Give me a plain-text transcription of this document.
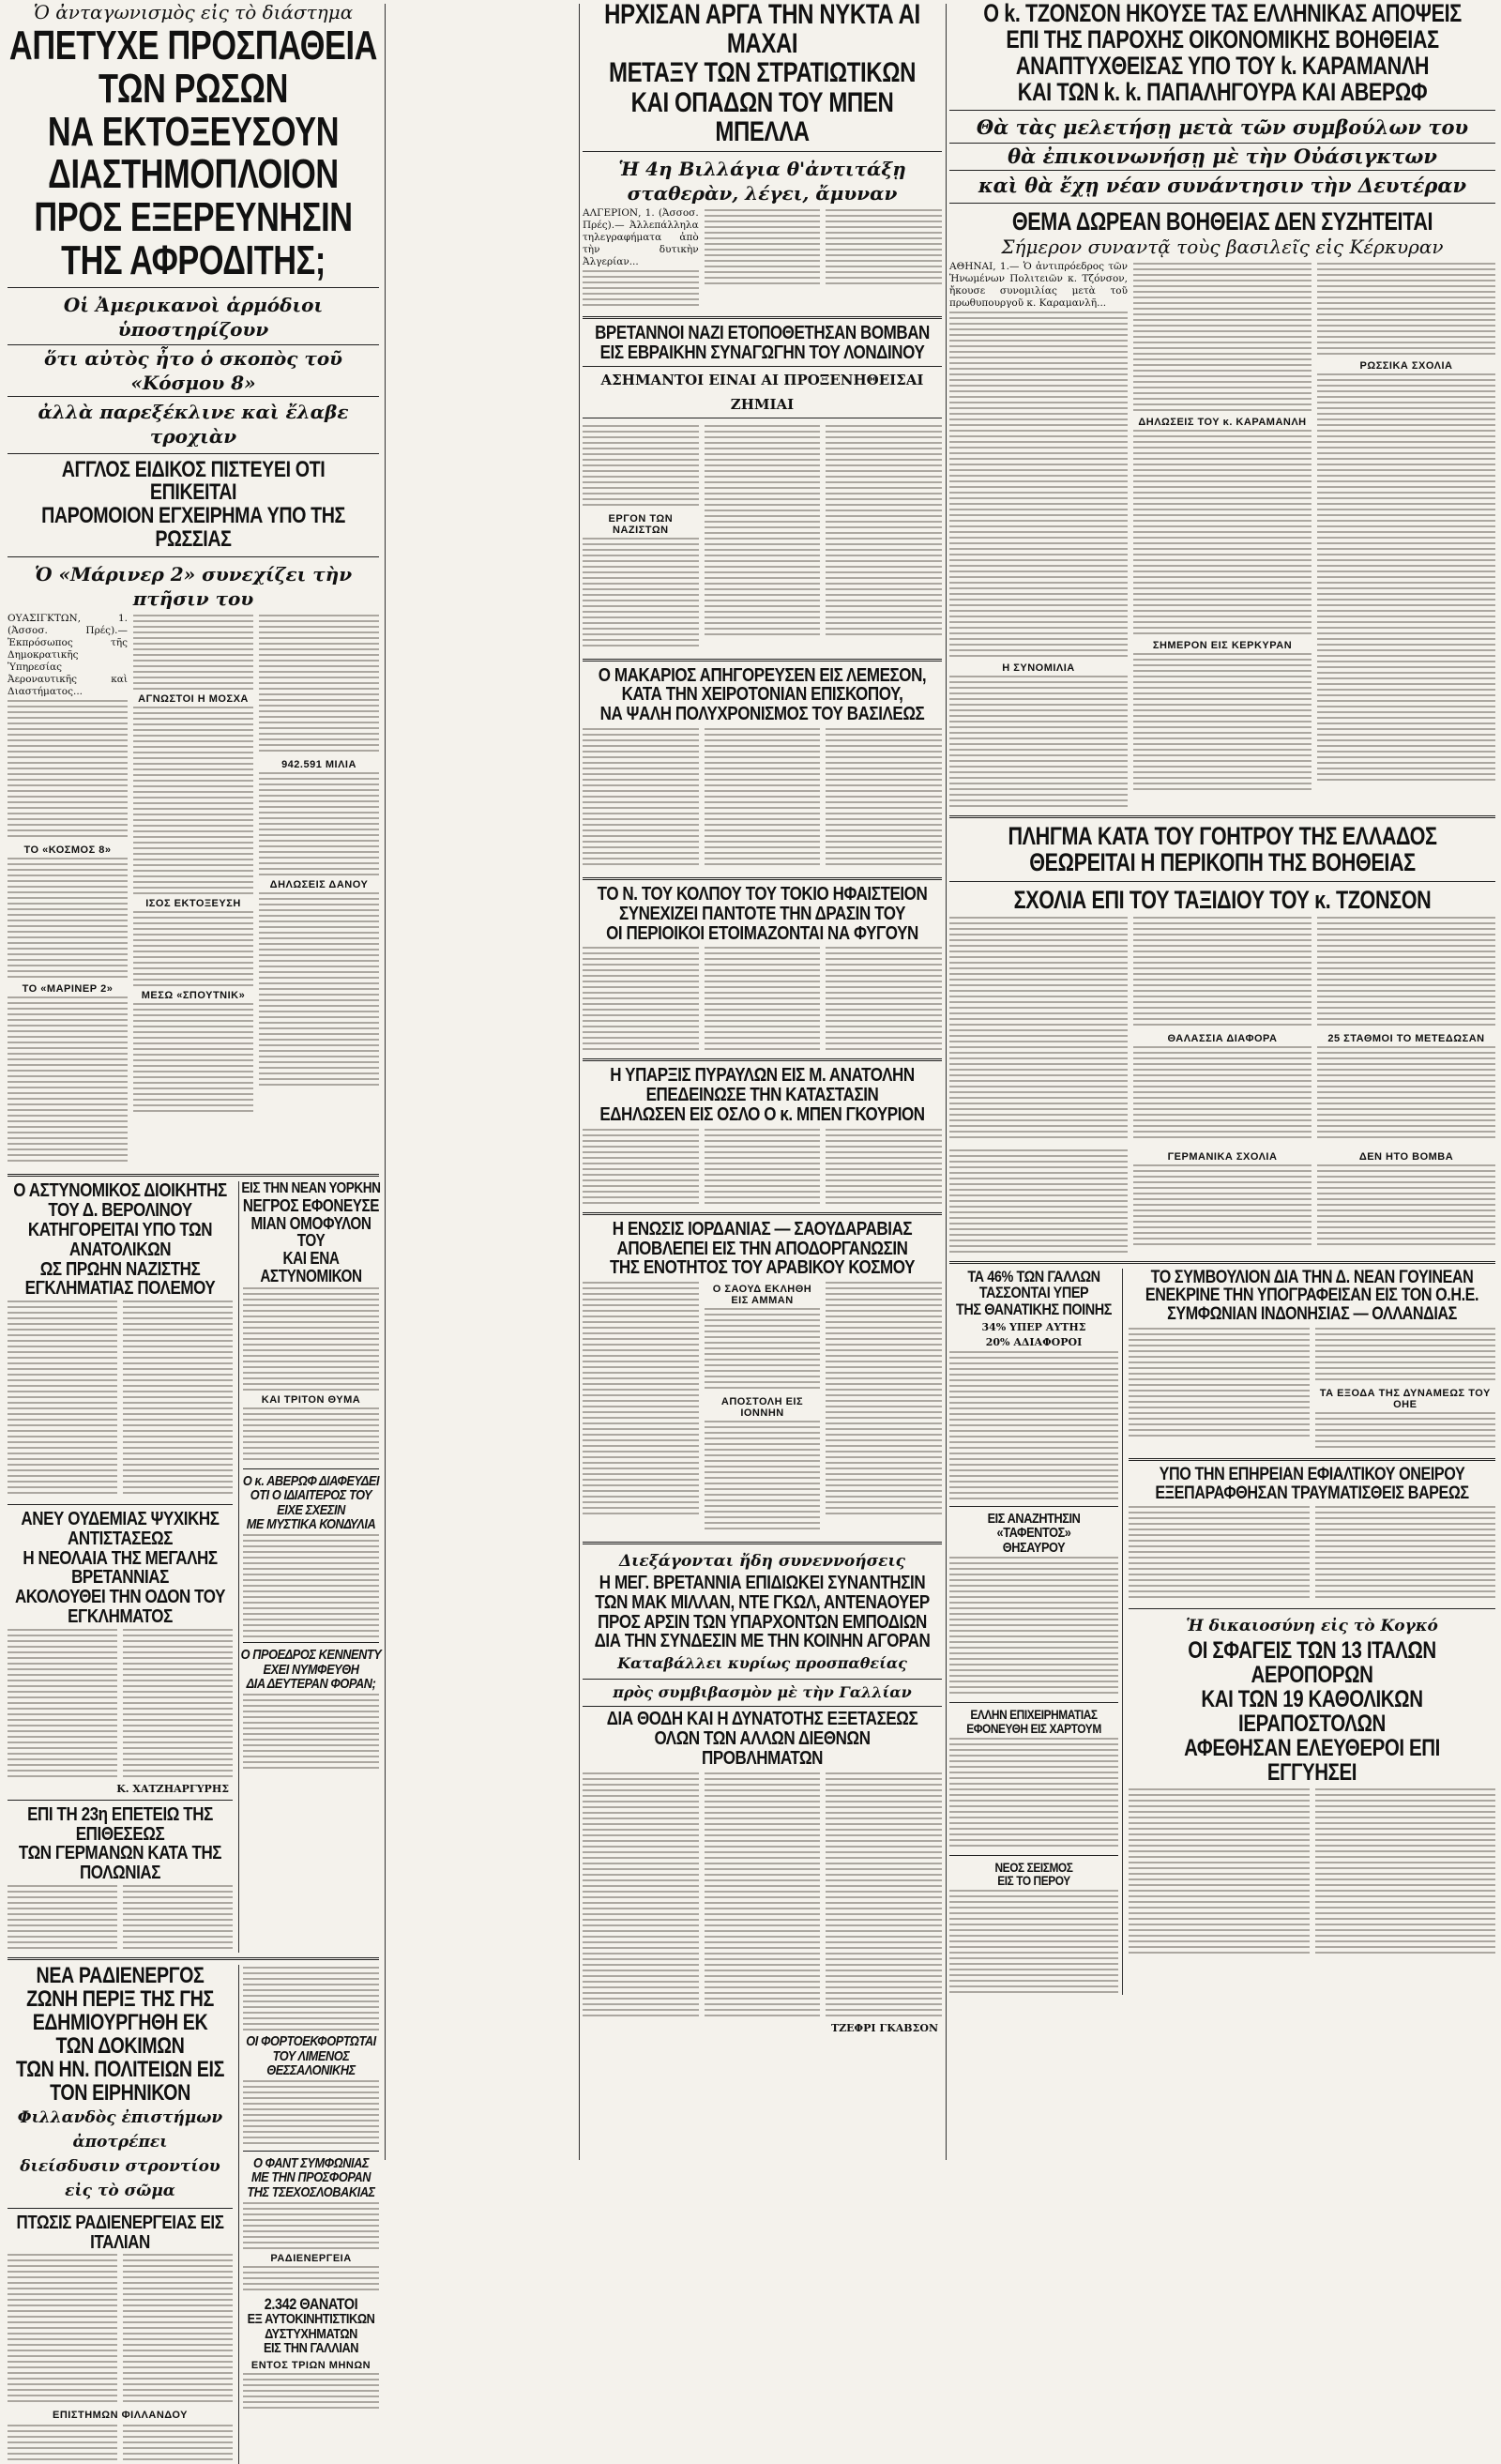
Ὁ ἀνταγωνισμὸς εἰς τὸ διάστημα
ΑΠΕΤΥΧΕ ΠΡΟΣΠΑΘΕΙΑ ΤΩΝ ΡΩΣΩΝ
ΝΑ ΕΚΤΟΞΕΥΣΟΥΝ ΔΙΑΣΤΗΜΟΠΛΟΙΟΝ
ΠΡΟΣ ΕΞΕΡΕΥΝΗΣΙΝ ΤΗΣ ΑΦΡΟΔΙΤΗΣ;
Οἱ Ἀμερικανοὶ ἁρμόδιοι ὑποστηρίζουν
ὅτι αὐτὸς ἦτο ὁ σκοπὸς τοῦ «Κόσμου 8»
ἀλλὰ παρεξέκλινε καὶ ἔλαβε τροχιὰν
ΑΓΓΛΟΣ ΕΙΔΙΚΟΣ ΠΙΣΤΕΥΕΙ ΟΤΙ ΕΠΙΚΕΙΤΑΙ
ΠΑΡΟΜΟΙΟΝ ΕΓΧΕΙΡΗΜΑ ΥΠΟ ΤΗΣ ΡΩΣΣΙΑΣ
Ὁ «Μάρινερ 2» συνεχίζει τὴν πτῆσιν του
ΟΥΑΣΙΓΚΤΩΝ, 1. (Ἀσσοσ. Πρές).— Ἐκπρόσωπος τῆς Δημοκρατικῆς Ὑπηρεσίας Ἀεροναυτικῆς καὶ Διαστήματος...
ΤΟ «ΚΟΣΜΟΣ 8»
ΤΟ «ΜΑΡΙΝΕΡ 2»
ΑΓΝΩΣΤΟΙ Η ΜΟΣΧΑ
ΙΣΟΣ ΕΚΤΟΞΕΥΣΗ
ΜΕΣΩ «ΣΠΟΥΤΝΙΚ»
942.591 ΜΙΛΙΑ
ΔΗΛΩΣΕΙΣ ΔΑΝΟΥ
Ο ΑΣΤΥΝΟΜΙΚΟΣ ΔΙΟΙΚΗΤΗΣ ΤΟΥ Δ. ΒΕΡΟΛΙΝΟΥ
ΚΑΤΗΓΟΡΕΙΤΑΙ ΥΠΟ ΤΩΝ ΑΝΑΤΟΛΙΚΩΝ
ΩΣ ΠΡΩΗΝ ΝΑΖΙΣΤΗΣ ΕΓΚΛΗΜΑΤΙΑΣ ΠΟΛΕΜΟΥ
ΑΝΕΥ ΟΥΔΕΜΙΑΣ ΨΥΧΙΚΗΣ ΑΝΤΙΣΤΑΣΕΩΣ
Η ΝΕΟΛΑΙΑ ΤΗΣ ΜΕΓΑΛΗΣ ΒΡΕΤΑΝΝΙΑΣ
ΑΚΟΛΟΥΘΕΙ ΤΗΝ ΟΔΟΝ ΤΟΥ ΕΓΚΛΗΜΑΤΟΣ
Κ. ΧΑΤΖΗΑΡΓΥΡΗΣ
ΕΠΙ ΤΗ 23η ΕΠΕΤΕΙΩ ΤΗΣ ΕΠΙΘΕΣΕΩΣ
ΤΩΝ ΓΕΡΜΑΝΩΝ ΚΑΤΑ ΤΗΣ ΠΟΛΩΝΙΑΣ
ΕΙΣ ΤΗΝ ΝΕΑΝ ΥΟΡΚΗΝ
ΝΕΓΡΟΣ ΕΦΟΝΕΥΣΕ
ΜΙΑΝ ΟΜΟΦΥΛΟΝ ΤΟΥ
ΚΑΙ ΕΝΑ ΑΣΤΥΝΟΜΙΚΟΝ
ΚΑΙ ΤΡΙΤΟΝ ΘΥΜΑ
Ο κ. ΑΒΕΡΩΦ ΔΙΑΦΕΥΔΕΙ
ΟΤΙ Ο ΙΔΙΑΙΤΕΡΟΣ ΤΟΥ
ΕΙΧΕ ΣΧΕΣΙΝ
ΜΕ ΜΥΣΤΙΚΑ ΚΟΝΔΥΛΙΑ
Ο ΠΡΟΕΔΡΟΣ ΚΕΝΝΕΝΤΥ
ΕΧΕΙ ΝΥΜΦΕΥΘΗ
ΔΙΑ ΔΕΥΤΕΡΑΝ ΦΟΡΑΝ;
ΝΕΑ ΡΑΔΙΕΝΕΡΓΟΣ ΖΩΝΗ ΠΕΡΙΞ ΤΗΣ ΓΗΣ
ΕΔΗΜΙΟΥΡΓΗΘΗ ΕΚ ΤΩΝ ΔΟΚΙΜΩΝ
ΤΩΝ ΗΝ. ΠΟΛΙΤΕΙΩΝ ΕΙΣ ΤΟΝ ΕΙΡΗΝΙΚΟΝ
Φιλλανδὸς ἐπιστήμων ἀποτρέπει
διείσδυσιν στροντίου εἰς τὸ σῶμα
ΠΤΩΣΙΣ ΡΑΔΙΕΝΕΡΓΕΙΑΣ ΕΙΣ ΙΤΑΛΙΑΝ
ΕΠΙΣΤΗΜΩΝ ΦΙΛΛΑΝΔΟΥ
ΟΙ ΦΟΡΤΟΕΚΦΟΡΤΩΤΑΙ
ΤΟΥ ΛΙΜΕΝΟΣ
ΘΕΣΣΑΛΟΝΙΚΗΣ
Ο ΦΑΝΤ ΣΥΜΦΩΝΙΑΣ
ΜΕ ΤΗΝ ΠΡΟΣΦΟΡΑΝ
ΤΗΣ ΤΣΕΧΟΣΛΟΒΑΚΙΑΣ
ΡΑΔΙΕΝΕΡΓΕΙΑ
2.342 ΘΑΝΑΤΟΙ
ΕΞ ΑΥΤΟΚΙΝΗΤΙΣΤΙΚΩΝ
ΔΥΣΤΥΧΗΜΑΤΩΝ
ΕΙΣ ΤΗΝ ΓΑΛΛΙΑΝ
ΕΝΤΟΣ ΤΡΙΩΝ ΜΗΝΩΝ
ΗΡΧΙΣΑΝ ΑΡΓΑ ΤΗΝ ΝΥΚΤΑ ΑΙ ΜΑΧΑΙ
ΜΕΤΑΞΥ ΤΩΝ ΣΤΡΑΤΙΩΤΙΚΩΝ
ΚΑΙ ΟΠΑΔΩΝ ΤΟΥ ΜΠΕΝ ΜΠΕΛΛΑ
Ἡ 4η Βιλλάγια θ'ἀντιτάξῃ
σταθερὰν, λέγει, ἄμυναν
ΑΛΓΕΡΙΟΝ, 1. (Ἀσσοσ. Πρές).— Ἀλλεπάλληλα τηλεγραφήματα ἀπὸ τὴν δυτικὴν Ἀλγερίαν...
ΒΡΕΤΑΝΝΟΙ ΝΑΖΙ ΕΤΟΠΟΘΕΤΗΣΑΝ ΒΟΜΒΑΝ
ΕΙΣ ΕΒΡΑΙΚΗΝ ΣΥΝΑΓΩΓΗΝ ΤΟΥ ΛΟΝΔΙΝΟΥ
ΑΣΗΜΑΝΤΟΙ ΕΙΝΑΙ ΑΙ ΠΡΟΞΕΝΗΘΕΙΣΑΙ ΖΗΜΙΑΙ
ΕΡΓΟΝ ΤΩΝ ΝΑΖΙΣΤΩΝ
Ο ΜΑΚΑΡΙΟΣ ΑΠΗΓΟΡΕΥΣΕΝ ΕΙΣ ΛΕΜΕΣΟΝ,
ΚΑΤΑ ΤΗΝ ΧΕΙΡΟΤΟΝΙΑΝ ΕΠΙΣΚΟΠΟΥ,
ΝΑ ΨΑΛΗ ΠΟΛΥΧΡΟΝΙΣΜΟΣ ΤΟΥ ΒΑΣΙΛΕΩΣ
ΤΟ Ν. ΤΟΥ ΚΟΛΠΟΥ ΤΟΥ ΤΟΚΙΟ ΗΦΑΙΣΤΕΙΟΝ
ΣΥΝΕΧΙΖΕΙ ΠΑΝΤΟΤΕ ΤΗΝ ΔΡΑΣΙΝ ΤΟΥ
ΟΙ ΠΕΡΙΟΙΚΟΙ ΕΤΟΙΜΑΖΟΝΤΑΙ ΝΑ ΦΥΓΟΥΝ
Η ΥΠΑΡΞΙΣ ΠΥΡΑΥΛΩΝ ΕΙΣ Μ. ΑΝΑΤΟΛΗΝ
ΕΠΕΔΕΙΝΩΣΕ ΤΗΝ ΚΑΤΑΣΤΑΣΙΝ
ΕΔΗΛΩΣΕΝ ΕΙΣ ΟΣΛΟ Ο κ. ΜΠΕΝ ΓΚΟΥΡΙΟΝ
Η ΕΝΩΣΙΣ ΙΟΡΔΑΝΙΑΣ — ΣΑΟΥΔΑΡΑΒΙΑΣ
ΑΠΟΒΛΕΠΕΙ ΕΙΣ ΤΗΝ ΑΠΟΔΟΡΓΑΝΩΣΙΝ
ΤΗΣ ΕΝΟΤΗΤΟΣ ΤΟΥ ΑΡΑΒΙΚΟΥ ΚΟΣΜΟΥ
Ο ΣΑΟΥΔ ΕΚΛΗΘΗ ΕΙΣ ΑΜΜΑΝ
ΑΠΟΣΤΟΛΗ ΕΙΣ ΙΟΝΝΗΝ
Διεξάγονται ἤδη συνεννοήσεις
Η ΜΕΓ. ΒΡΕΤΑΝΝΙΑ ΕΠΙΔΙΩΚΕΙ ΣΥΝΑΝΤΗΣΙΝ
ΤΩΝ ΜΑΚ ΜΙΛΛΑΝ, ΝΤΕ ΓΚΩΛ, ΑΝΤΕΝΑΟΥΕΡ
ΠΡΟΣ ΑΡΣΙΝ ΤΩΝ ΥΠΑΡΧΟΝΤΩΝ ΕΜΠΟΔΙΩΝ
ΔΙΑ ΤΗΝ ΣΥΝΔΕΣΙΝ ΜΕ ΤΗΝ ΚΟΙΝΗΝ ΑΓΟΡΑΝ
Καταβάλλει κυρίως προσπαθείας
πρὸς συμβιβασμὸν μὲ τὴν Γαλλίαν
ΔΙΑ ΘΟΔΗ ΚΑΙ Η ΔΥΝΑΤΟΤΗΣ ΕΞΕΤΑΣΕΩΣ
ΟΛΩΝ ΤΩΝ ΑΛΛΩΝ ΔΙΕΘΝΩΝ ΠΡΟΒΛΗΜΑΤΩΝ
ΤΖΕΦΡΙ ΓΚΑΒΣΟΝ
Ο k. ΤΖΟΝΣΟΝ ΗΚΟΥΣΕ ΤΑΣ ΕΛΛΗΝΙΚΑΣ ΑΠΟΨΕΙΣ
ΕΠΙ ΤΗΣ ΠΑΡΟΧΗΣ ΟΙΚΟΝΟΜΙΚΗΣ ΒΟΗΘΕΙΑΣ
ΑΝΑΠΤΥΧΘΕΙΣΑΣ ΥΠΟ ΤΟΥ k. ΚΑΡΑΜΑΝΛΗ
ΚΑΙ ΤΩΝ k. k. ΠΑΠΑΛΗΓΟΥΡΑ ΚΑΙ ΑΒΕΡΩΦ
Θὰ τὰς μελετήσῃ μετὰ τῶν συμβούλων του
θὰ ἐπικοινωνήσῃ μὲ τὴν Οὐάσιγκτων
καὶ θὰ ἔχῃ νέαν συνάντησιν τὴν Δευτέραν
ΘΕΜΑ ΔΩΡΕΑΝ ΒΟΗΘΕΙΑΣ ΔΕΝ ΣΥΖΗΤΕΙΤΑΙ
Σήμερον συναντᾷ τοὺς βασιλεῖς εἰς Κέρκυραν
ΑΘΗΝΑΙ, 1.— Ὁ ἀντιπρόεδρος τῶν Ἡνωμένων Πολιτειῶν κ. Τζόνσον, ἤκουσε συνομιλίας μετὰ τοῦ πρωθυπουργοῦ κ. Καραμανλῆ...
Η ΣΥΝΟΜΙΛΙΑ
ΔΗΛΩΣΕΙΣ ΤΟΥ κ. ΚΑΡΑΜΑΝΛΗ
ΣΗΜΕΡΟΝ ΕΙΣ ΚΕΡΚΥΡΑΝ
ΡΩΣΣΙΚΑ ΣΧΟΛΙΑ
ΠΛΗΓΜΑ ΚΑΤΑ ΤΟΥ ΓΟΗΤΡΟΥ ΤΗΣ ΕΛΛΑΔΟΣ
ΘΕΩΡΕΙΤΑΙ Η ΠΕΡΙΚΟΠΗ ΤΗΣ ΒΟΗΘΕΙΑΣ
ΣΧΟΛΙΑ ΕΠΙ ΤΟΥ ΤΑΞΙΔΙΟΥ ΤΟΥ κ. ΤΖΟΝΣΟΝ
ΘΑΛΑΣΣΙΑ ΔΙΑΦΟΡΑ	25 ΣΤΑΘΜΟΙ ΤΟ ΜΕΤΕΔΩΣΑΝ
ΓΕΡΜΑΝΙΚΑ ΣΧΟΛΙΑ	ΔΕΝ ΗΤΟ ΒΟΜΒΑ
ΤΑ 46% ΤΩΝ ΓΑΛΛΩΝ
ΤΑΣΣΟΝΤΑΙ ΥΠΕΡ
ΤΗΣ ΘΑΝΑΤΙΚΗΣ ΠΟΙΝΗΣ
34% ΥΠΕΡ ΑΥΤΗΣ
20% ΑΔΙΑΦΟΡΟΙ
ΕΙΣ ΑΝΑΖΗΤΗΣΙΝ
«ΤΑΦΕΝΤΟΣ»
ΘΗΣΑΥΡΟΥ
ΕΛΛΗΝ ΕΠΙΧΕΙΡΗΜΑΤΙΑΣ
ΕΦΟΝΕΥΘΗ ΕΙΣ ΧΑΡΤΟΥΜ
ΝΕΟΣ ΣΕΙΣΜΟΣ
ΕΙΣ ΤΟ ΠΕΡΟΥ
ΤΟ ΣΥΜΒΟΥΛΙΟΝ ΔΙΑ ΤΗΝ Δ. ΝΕΑΝ ΓΟΥΙΝΕΑΝ
ΕΝΕΚΡΙΝΕ ΤΗΝ ΥΠΟΓΡΑΦΕΙΣΑΝ ΕΙΣ ΤΟΝ Ο.Η.Ε.
ΣΥΜΦΩΝΙΑΝ ΙΝΔΟΝΗΣΙΑΣ — ΟΛΛΑΝΔΙΑΣ
ΤΑ ΕΞΟΔΑ ΤΗΣ ΔΥΝΑΜΕΩΣ ΤΟΥ ΟΗΕ
ΥΠΟ ΤΗΝ ΕΠΗΡΕΙΑΝ ΕΦΙΑΛΤΙΚΟΥ ΟΝΕΙΡΟΥ
ΕΞΕΠΑΡΑΦΘΗΣΑΝ ΤΡΑΥΜΑΤΙΣΘΕΙΣ ΒΑΡΕΩΣ
Ἡ δικαιοσύνη εἰς τὸ Κογκό
ΟΙ ΣΦΑΓΕΙΣ ΤΩΝ 13 ΙΤΑΛΩΝ ΑΕΡΟΠΟΡΩΝ
ΚΑΙ ΤΩΝ 19 ΚΑΘΟΛΙΚΩΝ ΙΕΡΑΠΟΣΤΟΛΩΝ
ΑΦΕΘΗΣΑΝ ΕΛΕΥΘΕΡΟΙ ΕΠΙ ΕΓΓΥΗΣΕΙ
